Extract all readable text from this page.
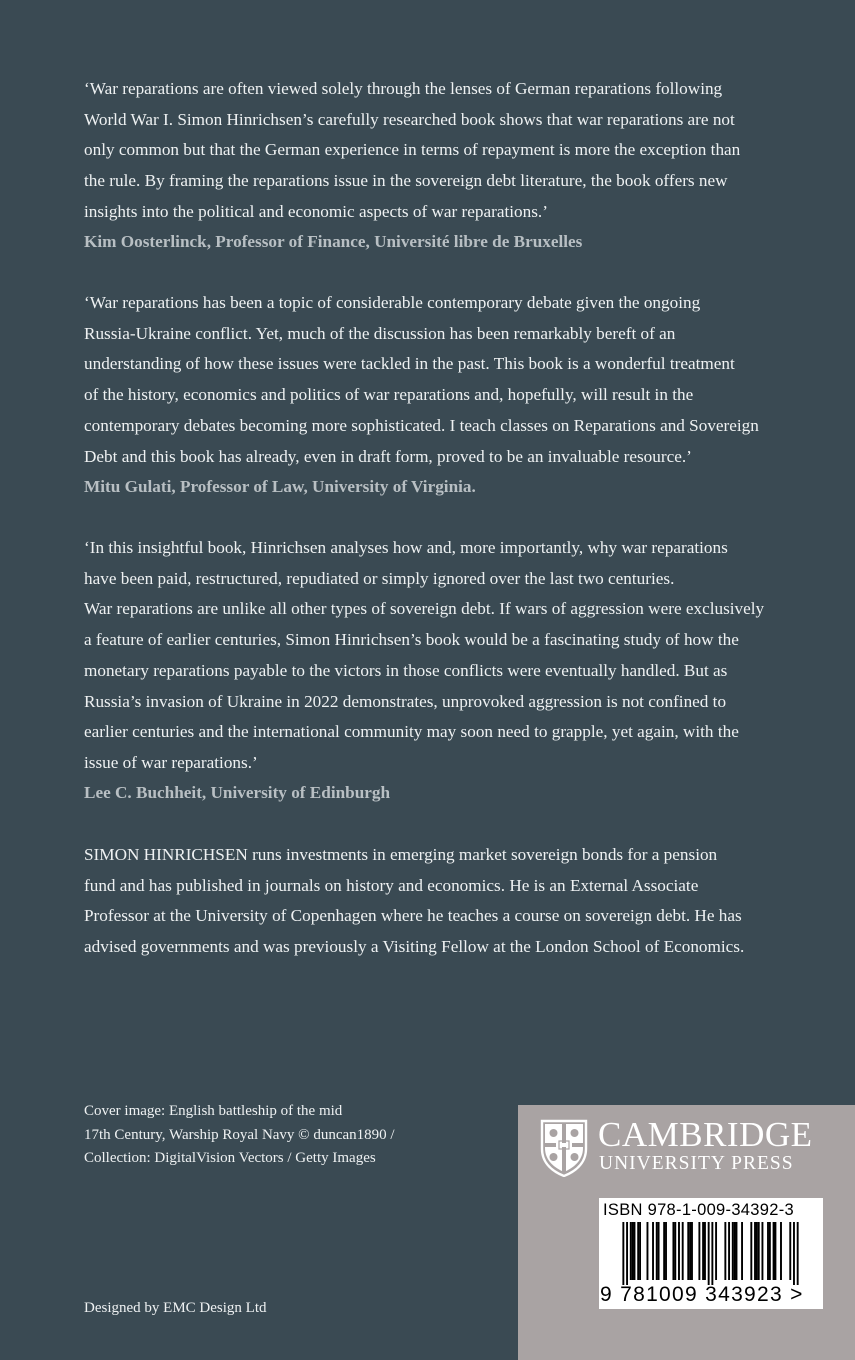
‘War reparations are often viewed solely through the lenses of German reparations following
World War I. Simon Hinrichsen’s carefully researched book shows that war reparations are not
only common but that the German experience in terms of repayment is more the exception than
the rule. By framing the reparations issue in the sovereign debt literature, the book offers new
insights into the political and economic aspects of war reparations.’

Kim Oosterlinck, Professor of Finance, Université libre de Bruxelles

‘War reparations has been a topic of considerable contemporary debate given the ongoing
Russia-Ukraine conflict. Yet, much of the discussion has been remarkably bereft of an
understanding of how these issues were tackled in the past. This book is a wonderful treatment
of the history, economics and politics of war reparations and, hopefully, will result in the
contemporary debates becoming more sophisticated. I teach classes on Reparations and Sovereign
Debt and this book has already, even in draft form, proved to be an invaluable resource.’

Mitu Gulati, Professor of Law, University of Virginia.

‘In this insightful book, Hinrichsen analyses how and, more importantly, why war reparations
have been paid, restructured, repudiated or simply ignored over the last two centuries.
War reparations are unlike all other types of sovereign debt. If wars of aggression were exclusively
a feature of earlier centuries, Simon Hinrichsen’s book would be a fascinating study of how the
monetary reparations payable to the victors in those conflicts were eventually handled. But as
Russia’s invasion of Ukraine in 2022 demonstrates, unprovoked aggression is not confined to
earlier centuries and the international community may soon need to grapple, yet again, with the
issue of war reparations.’

Lee C. Buchheit, University of Edinburgh

SIMON HINRICHSEN runs investments in emerging market sovereign bonds for a pension
fund and has published in journals on history and economics. He is an External Associate
Professor at the University of Copenhagen where he teaches a course on sovereign debt. He has
advised governments and was previously a Visiting Fellow at the London School of Economics.

Cover image: English battleship of the mid
17th Century, Warship Royal Navy © duncan1890 /
Collection: DigitalVision Vectors / Getty Images

Designed by EMC Design Ltd
CAMBRIDGE
UNIVERSITY PRESS
ISBN 978-1-009-34392-3
9 781009 343923 >
